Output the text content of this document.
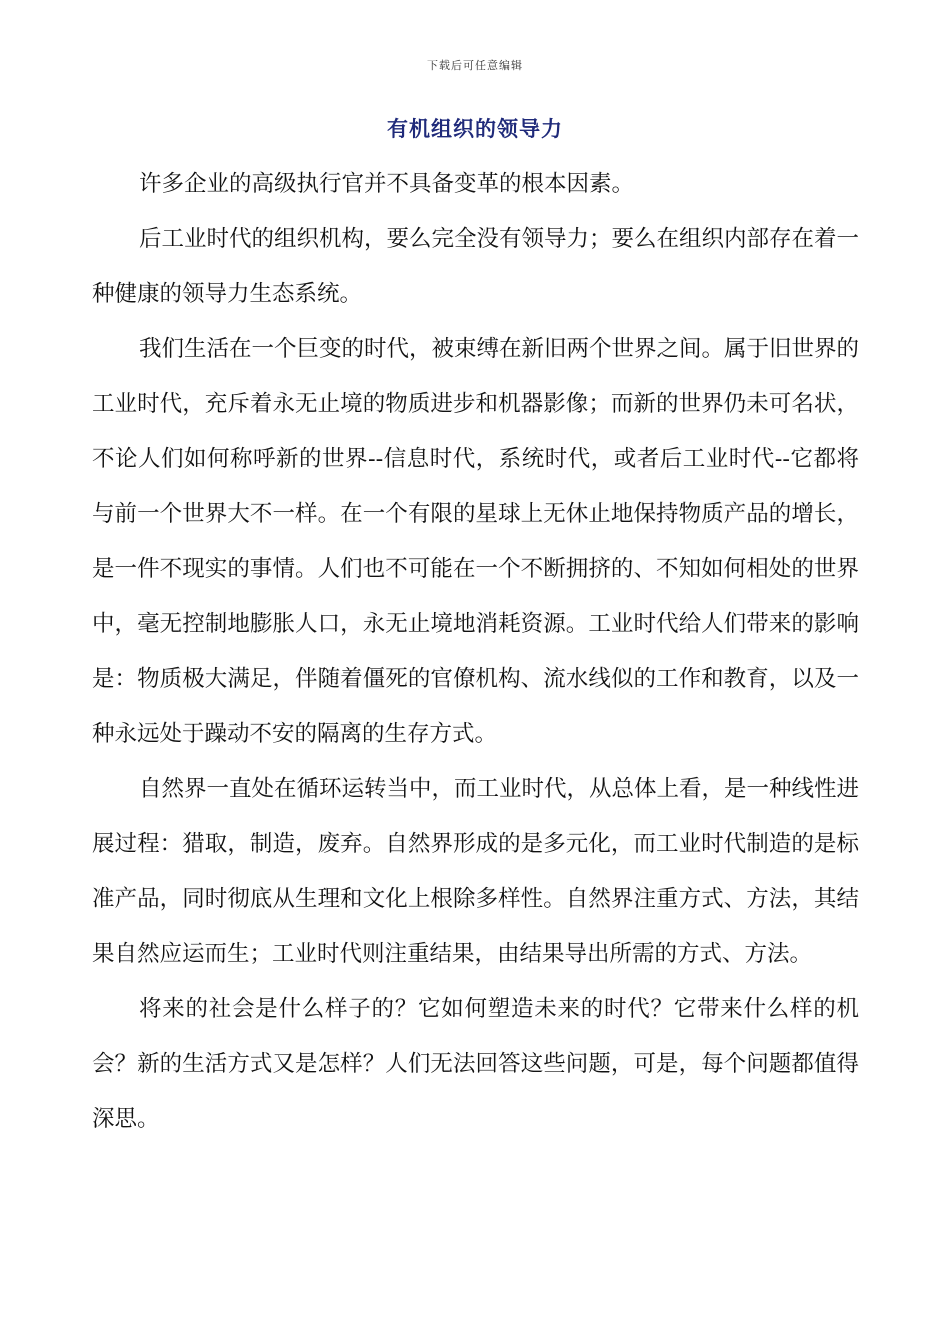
下载后可任意编辑
有机组织的领导力

许多企业的高级执行官并不具备变革的根本因素。

后工业时代的组织机构，要么完全没有领导力；要么在组织内部存在着一种健康的领导力生态系统。

我们生活在一个巨变的时代，被束缚在新旧两个世界之间。属于旧世界的工业时代，充斥着永无止境的物质进步和机器影像；而新的世界仍未可名状，不论人们如何称呼新的世界--信息时代，系统时代，或者后工业时代--它都将与前一个世界大不一样。在一个有限的星球上无休止地保持物质产品的增长，是一件不现实的事情。人们也不可能在一个不断拥挤的、不知如何相处的世界中，毫无控制地膨胀人口，永无止境地消耗资源。工业时代给人们带来的影响是：物质极大满足，伴随着僵死的官僚机构、流水线似的工作和教育，以及一种永远处于躁动不安的隔离的生存方式。

自然界一直处在循环运转当中，而工业时代，从总体上看，是一种线性进展过程：猎取，制造，废弃。自然界形成的是多元化，而工业时代制造的是标准产品，同时彻底从生理和文化上根除多样性。自然界注重方式、方法，其结果自然应运而生；工业时代则注重结果，由结果导出所需的方式、方法。

将来的社会是什么样子的？它如何塑造未来的时代？它带来什么样的机会？新的生活方式又是怎样？人们无法回答这些问题，可是，每个问题都值得深思。
